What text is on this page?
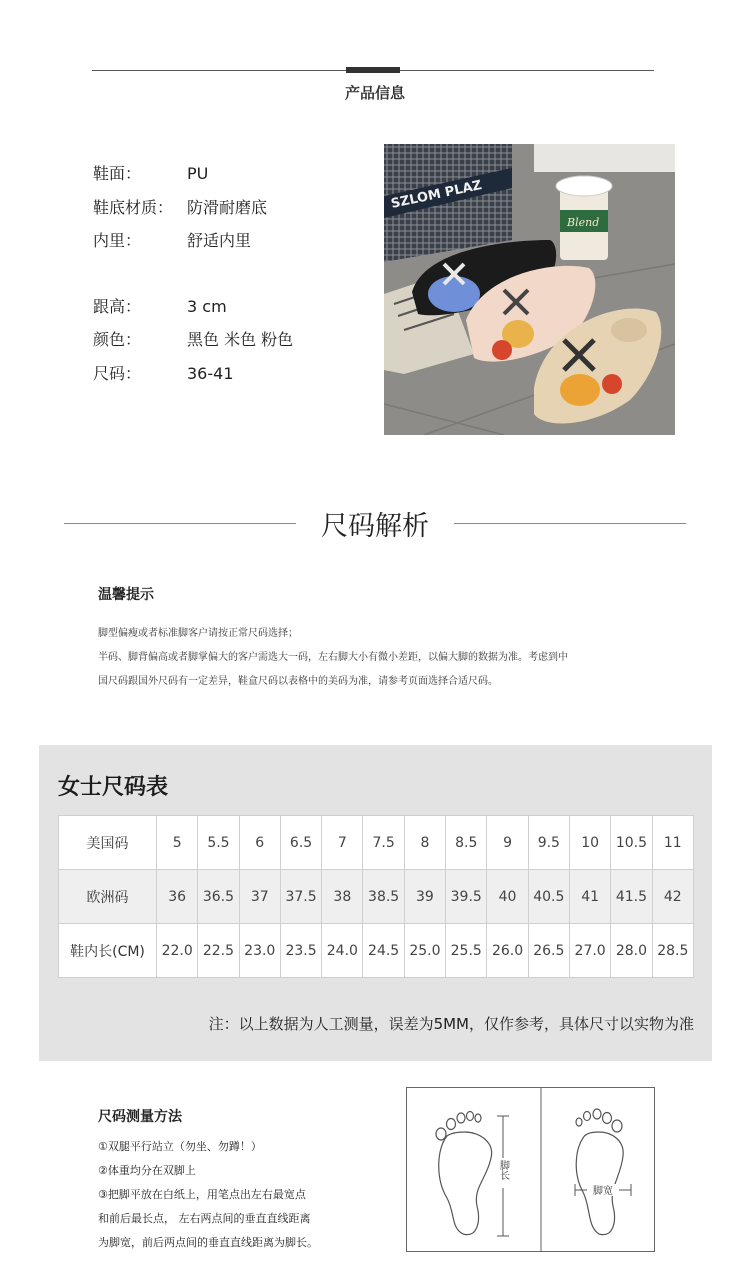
产品信息
鞋面：	PU
鞋底材质： 防滑耐磨底
内里：	舒适内里
跟高：	3 cm
颜色：	黑色 米色 粉色
尺码：	36-41
SZLOM PLAZ
Blend
尺码解析
温馨提示
脚型偏瘦或者标准脚客户请按正常尺码选择；
半码、脚背偏高或者脚掌偏大的客户需选大一码，左右脚大小有微小差距，以偏大脚的数据为准。考虑到中
国尺码跟国外尺码有一定差异，鞋盒尺码以表格中的美码为准，请参考页面选择合适尺码。
女士尺码表
美国码	5	5.5	6	6.5	7	7.5	8	8.5	9	9.5	10	10.5	11
欧洲码	36	36.5	37	37.5	38	38.5	39	39.5	40	40.5	41	41.5	42
鞋内长(CM)	22.0	22.5	23.0	23.5	24.0	24.5	25.0	25.5	26.0	26.5	27.0	28.0	28.5
注：以上数据为人工测量，误差为5MM，仅作参考，具体尺寸以实物为准
尺码测量方法
①双腿平行站立（勿坐、勿蹲！）
②体重均分在双脚上
③把脚平放在白纸上，用笔点出左右最宽点
和前后最长点， 左右两点间的垂直直线距离
为脚宽，前后两点间的垂直直线距离为脚长。
脚长
脚宽
